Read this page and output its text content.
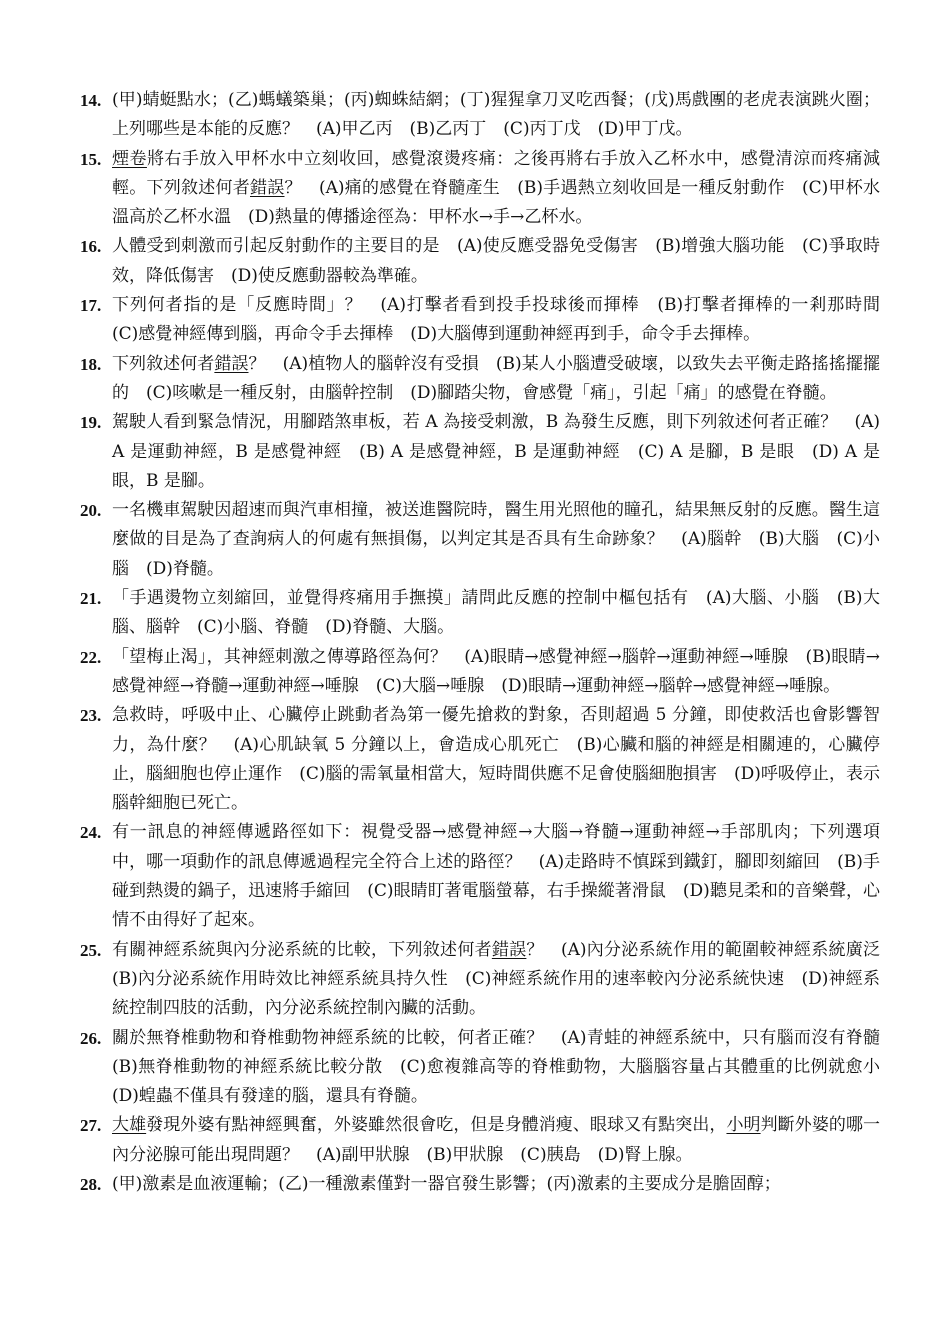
14. (甲)蜻蜓點水；(乙)螞蟻築巢；(丙)蜘蛛結網；(丁)猩猩拿刀叉吃西餐；(戊)馬戲團的老虎表演跳火圈；上列哪些是本能的反應？　(A)甲乙丙　(B)乙丙丁　(C)丙丁戊　(D)甲丁戊。

15. 煙卷將右手放入甲杯水中立刻收回，感覺滾燙疼痛：之後再將右手放入乙杯水中，感覺清涼而疼痛減輕。下列敘述何者錯誤？　(A)痛的感覺在脊髓產生　(B)手遇熱立刻收回是一種反射動作　(C)甲杯水溫高於乙杯水溫　(D)熱量的傳播途徑為：甲杯水→手→乙杯水。

16. 人體受到刺激而引起反射動作的主要目的是　(A)使反應受器免受傷害　(B)增強大腦功能　(C)爭取時效，降低傷害　(D)使反應動器較為準確。

17. 下列何者指的是「反應時間」？　(A)打擊者看到投手投球後而揮棒　(B)打擊者揮棒的一剎那時間　(C)感覺神經傳到腦，再命令手去揮棒　(D)大腦傳到運動神經再到手，命令手去揮棒。

18. 下列敘述何者錯誤？　(A)植物人的腦幹沒有受損　(B)某人小腦遭受破壞，以致失去平衡走路搖搖擺擺的　(C)咳嗽是一種反射，由腦幹控制　(D)腳踏尖物，會感覺「痛」，引起「痛」的感覺在脊髓。

19. 駕駛人看到緊急情況，用腳踏煞車板，若 A 為接受刺激，B 為發生反應，則下列敘述何者正確？　(A) A 是運動神經，B 是感覺神經　(B) A 是感覺神經，B 是運動神經　(C) A 是腳，B 是眼　(D) A 是眼，B 是腳。

20. 一名機車駕駛因超速而與汽車相撞，被送進醫院時，醫生用光照他的瞳孔，結果無反射的反應。醫生這麼做的目是為了查詢病人的何處有無損傷，以判定其是否具有生命跡象？　(A)腦幹　(B)大腦　(C)小腦　(D)脊髓。

21. 「手遇燙物立刻縮回，並覺得疼痛用手撫摸」請問此反應的控制中樞包括有　(A)大腦、小腦　(B)大腦、腦幹　(C)小腦、脊髓　(D)脊髓、大腦。

22. 「望梅止渴」，其神經刺激之傳導路徑為何？　(A)眼睛→感覺神經→腦幹→運動神經→唾腺　(B)眼睛→感覺神經→脊髓→運動神經→唾腺　(C)大腦→唾腺　(D)眼睛→運動神經→腦幹→感覺神經→唾腺。

23. 急救時，呼吸中止、心臟停止跳動者為第一優先搶救的對象，否則超過 5 分鐘，即使救活也會影響智力，為什麼？　(A)心肌缺氧 5 分鐘以上，會造成心肌死亡　(B)心臟和腦的神經是相關連的，心臟停止，腦細胞也停止運作　(C)腦的需氧量相當大，短時間供應不足會使腦細胞損害　(D)呼吸停止，表示腦幹細胞已死亡。

24. 有一訊息的神經傳遞路徑如下：視覺受器→感覺神經→大腦→脊髓→運動神經→手部肌肉；下列選項中，哪一項動作的訊息傳遞過程完全符合上述的路徑？　(A)走路時不慎踩到鐵釘，腳即刻縮回　(B)手碰到熱燙的鍋子，迅速將手縮回　(C)眼睛盯著電腦螢幕，右手操縱著滑鼠　(D)聽見柔和的音樂聲，心情不由得好了起來。

25. 有關神經系統與內分泌系統的比較，下列敘述何者錯誤？　(A)內分泌系統作用的範圍較神經系統廣泛　(B)內分泌系統作用時效比神經系統具持久性　(C)神經系統作用的速率較內分泌系統快速　(D)神經系統控制四肢的活動，內分泌系統控制內臟的活動。

26. 關於無脊椎動物和脊椎動物神經系統的比較，何者正確？　(A)青蛙的神經系統中，只有腦而沒有脊髓　(B)無脊椎動物的神經系統比較分散　(C)愈複雜高等的脊椎動物，大腦腦容量占其體重的比例就愈小　(D)蝗蟲不僅具有發達的腦，還具有脊髓。

27. 大雄發現外婆有點神經興奮，外婆雖然很會吃，但是身體消瘦、眼球又有點突出，小明判斷外婆的哪一內分泌腺可能出現問題？　(A)副甲狀腺　(B)甲狀腺　(C)胰島　(D)腎上腺。

28. (甲)激素是血液運輸；(乙)一種激素僅對一器官發生影響；(丙)激素的主要成分是膽固醇；
